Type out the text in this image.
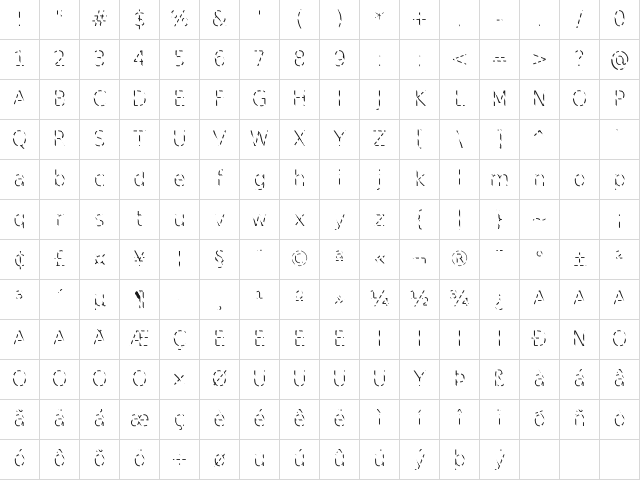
! " # $ % & ' ( ) * + , - . / 0
1 2 3 4 5 6 7 8 9 : ; < = > ? @
A B C D E F G H I J K L M N O P
Q R S T U V W X Y Z [ \ ] ^ _ `
a b c d e f g h i j k l m n o p
q r s t u v w x y z { | } ~	¡
¢ £ ¤ ¥ ¦ § ¨ © ª « ¬ ® ¯ ° ± ²
³ ´ µ ¶ · ¸ ¹ º » ¼ ½ ¾ ¿ À Á Â
Ã Ä Å Æ Ç È É Ê Ë Ì Í Î Ï Ð Ñ Ò
Ó Ô Õ Ö × Ø Ù Ú Û Ü Ý Þ ß à á â
ã ä å æ ç è é ê ë ì í î ï ð ñ ò
ó ô õ ö ÷ ø ù ú û ü ý þ ÿ
